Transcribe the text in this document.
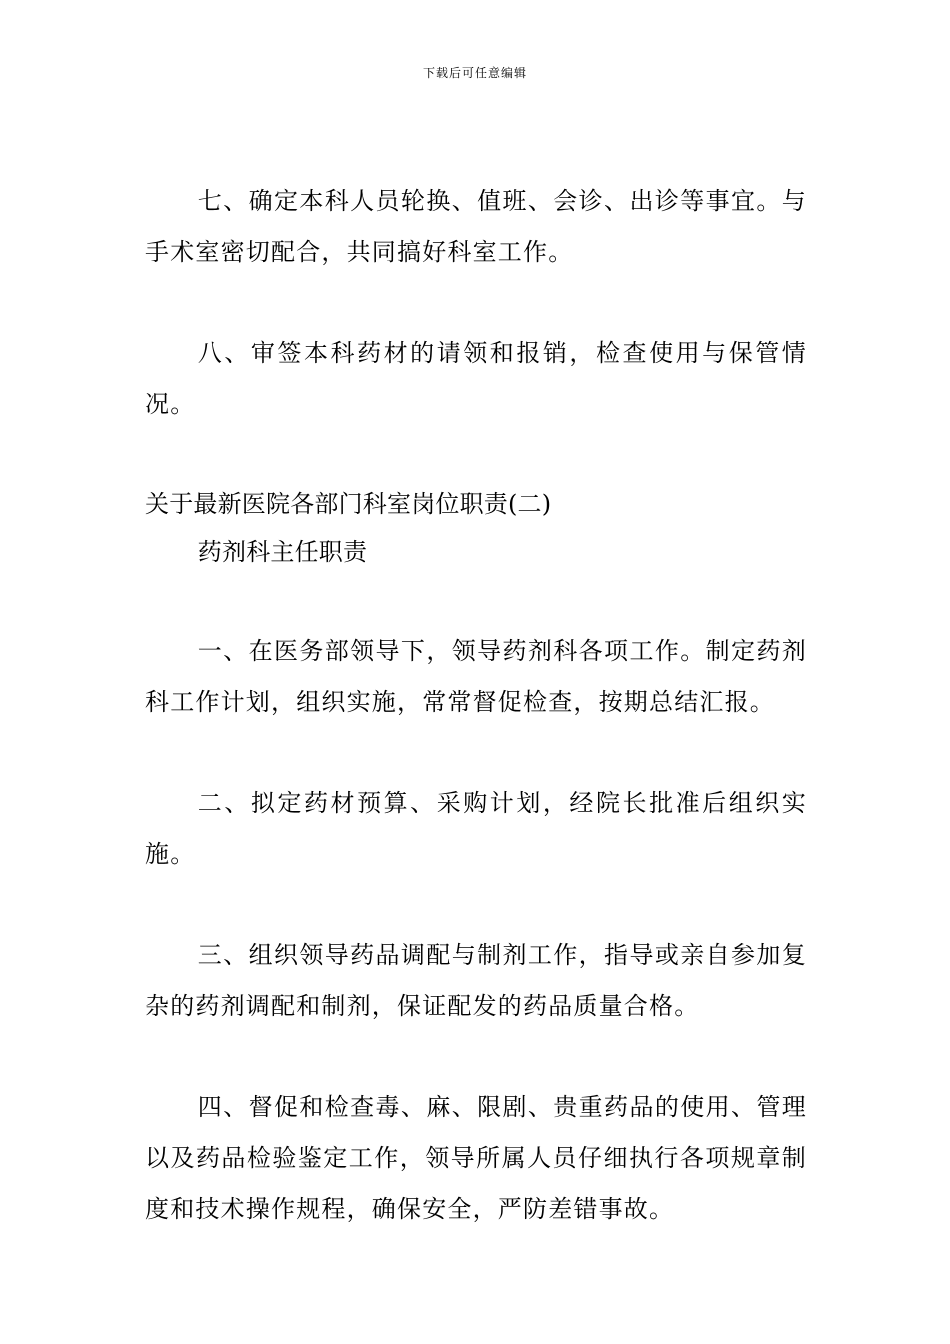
下载后可任意编辑

七、确定本科人员轮换、值班、会诊、出诊等事宜。与手术室密切配合，共同搞好科室工作。

八、审签本科药材的请领和报销，检查使用与保管情况。

关于最新医院各部门科室岗位职责(二)

药剂科主任职责

一、在医务部领导下，领导药剂科各项工作。制定药剂科工作计划，组织实施，常常督促检查，按期总结汇报。

二、拟定药材预算、采购计划，经院长批准后组织实施。

三、组织领导药品调配与制剂工作，指导或亲自参加复杂的药剂调配和制剂，保证配发的药品质量合格。

四、督促和检查毒、麻、限剧、贵重药品的使用、管理以及药品检验鉴定工作，领导所属人员仔细执行各项规章制度和技术操作规程，确保安全，严防差错事故。
